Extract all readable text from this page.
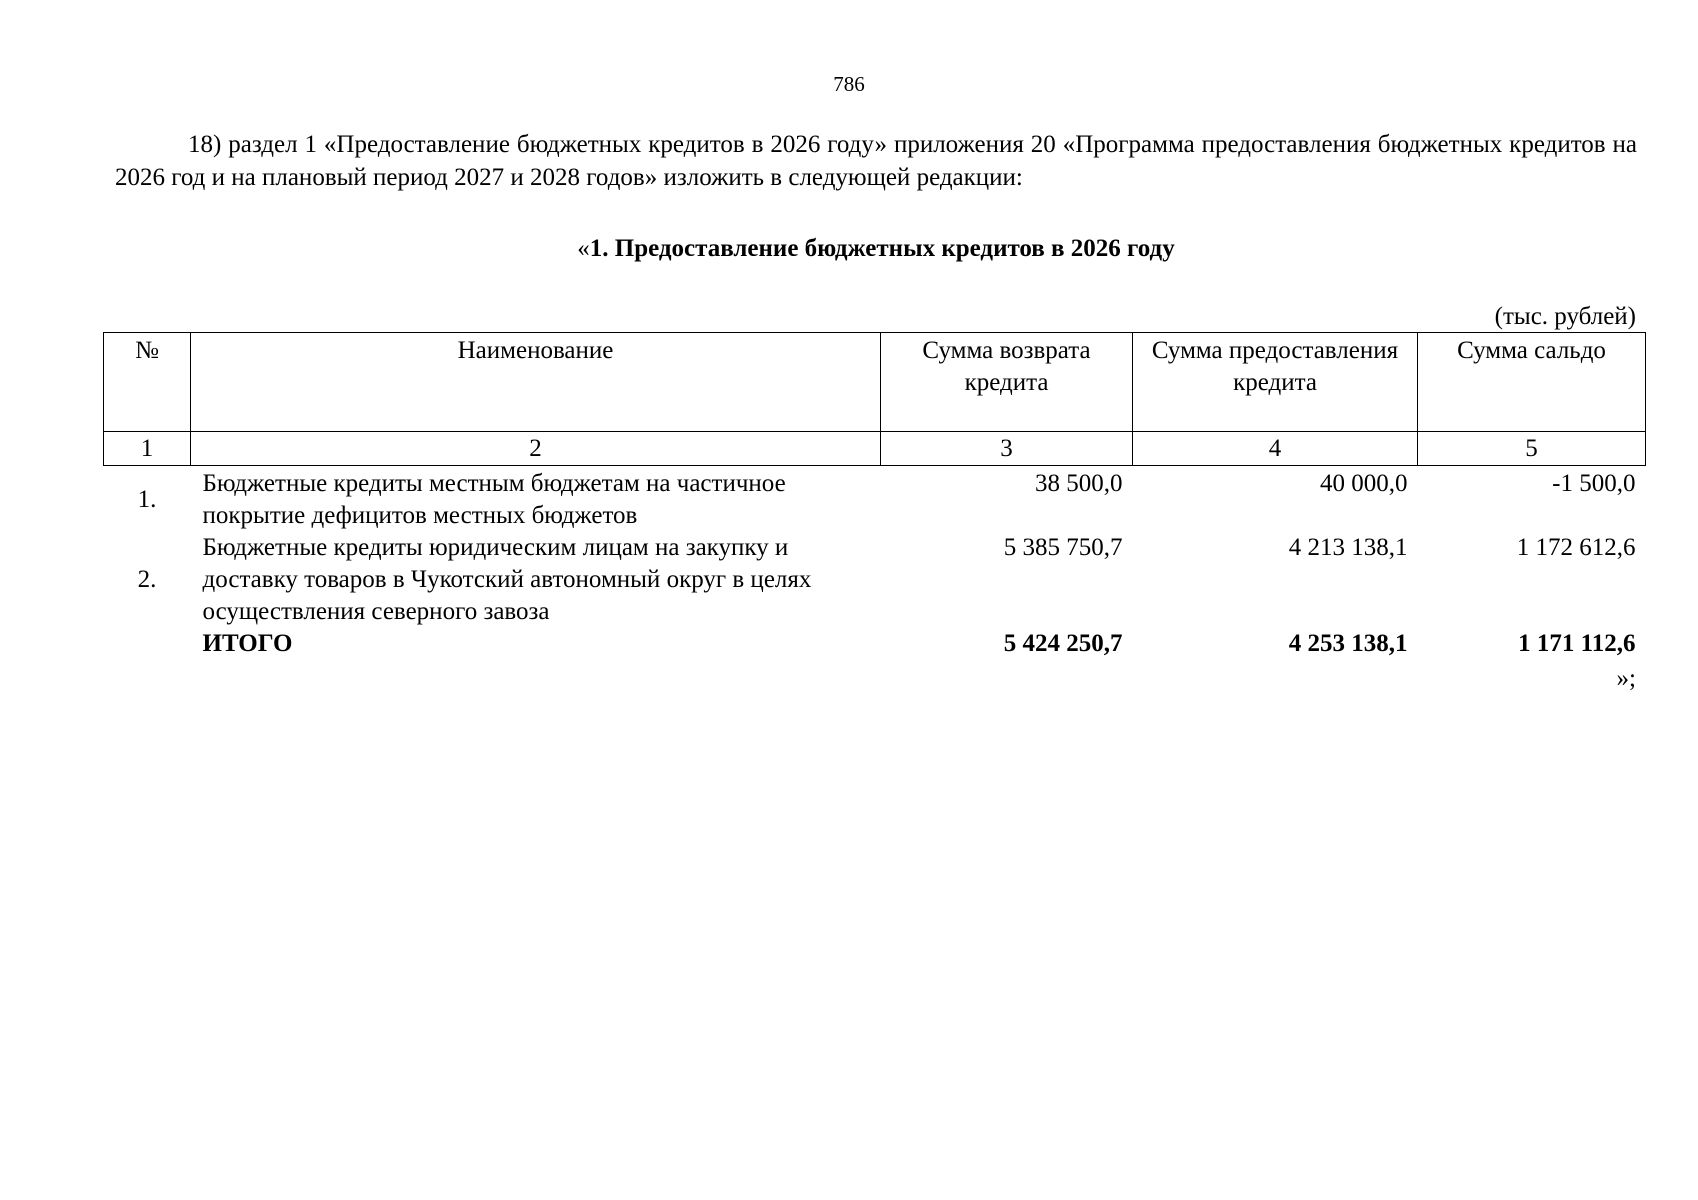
786

18) раздел 1 «Предоставление бюджетных кредитов в 2026 году» приложения 20 «Программа предоставления бюджетных кредитов на 2026 год и на плановый период 2027 и 2028 годов» изложить в следующей редакции:

«1. Предоставление бюджетных кредитов в 2026 году
(тыс. рублей)
№	Наименование	Сумма возврата кредита	Сумма предоставления кредита	Сумма сальдо
1	2	3	4	5
1.	Бюджетные кредиты местным бюджетам на частичное покрытие дефицитов местных бюджетов	38 500,0	40 000,0	-1 500,0
2.	Бюджетные кредиты юридическим лицам на закупку и доставку товаров в Чукотский автономный округ в целях осуществления северного завоза	5 385 750,7	4 213 138,1	1 172 612,6
	ИТОГО	5 424 250,7	4 253 138,1	1 171 112,6
»;
